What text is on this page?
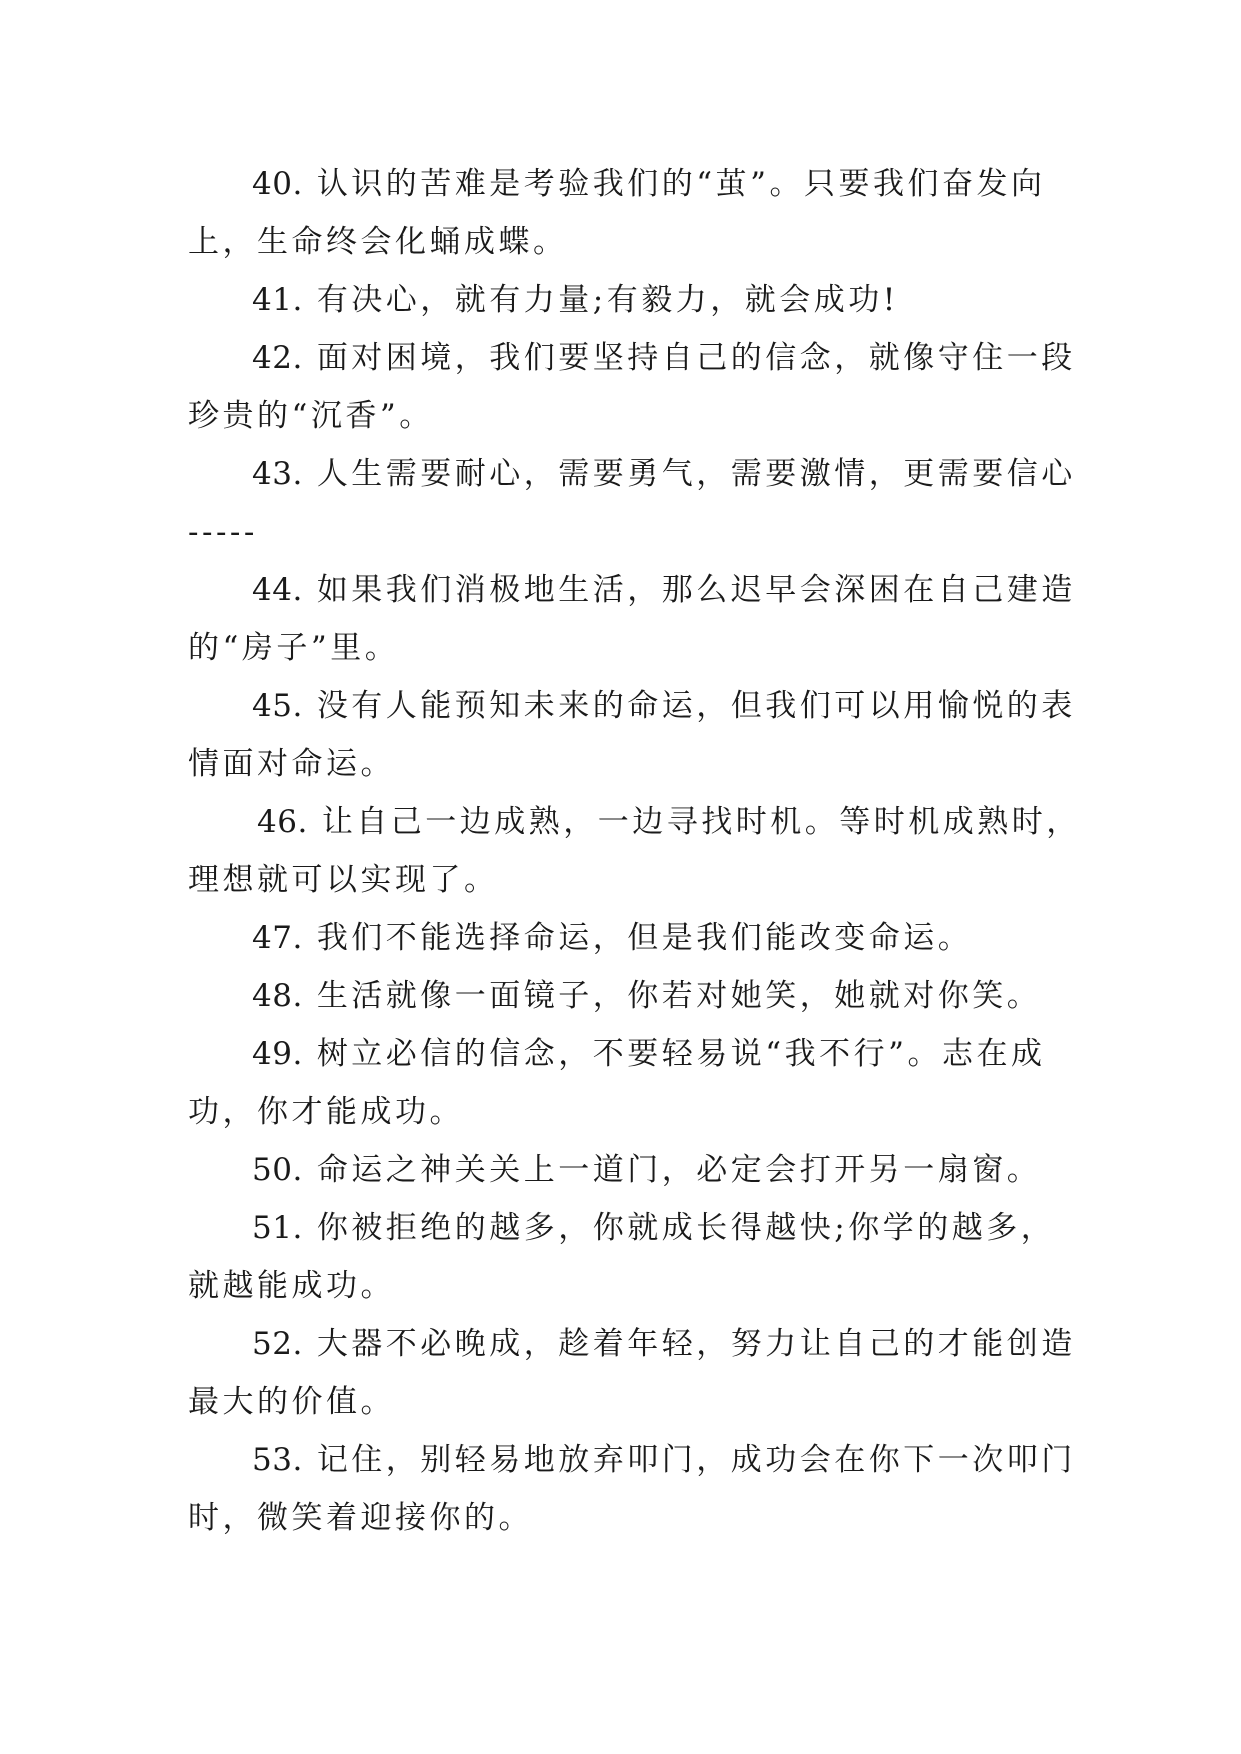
40. 认识的苦难是考验我们的“茧”。只要我们奋发向
上，生命终会化蛹成蝶。
41. 有决心，就有力量;有毅力，就会成功!
42. 面对困境，我们要坚持自己的信念，就像守住一段
珍贵的“沉香”。
43. 人生需要耐心，需要勇气，需要激情，更需要信心
-----
44. 如果我们消极地生活，那么迟早会深困在自己建造
的“房子”里。
45. 没有人能预知未来的命运，但我们可以用愉悦的表
情面对命运。
46. 让自己一边成熟，一边寻找时机。等时机成熟时，
理想就可以实现了。
47. 我们不能选择命运，但是我们能改变命运。
48. 生活就像一面镜子，你若对她笑，她就对你笑。
49. 树立必信的信念，不要轻易说“我不行”。志在成
功，你才能成功。
50. 命运之神关关上一道门，必定会打开另一扇窗。
51. 你被拒绝的越多，你就成长得越快;你学的越多，
就越能成功。
52. 大器不必晚成，趁着年轻，努力让自己的才能创造
最大的价值。
53. 记住，别轻易地放弃叩门，成功会在你下一次叩门
时，微笑着迎接你的。
